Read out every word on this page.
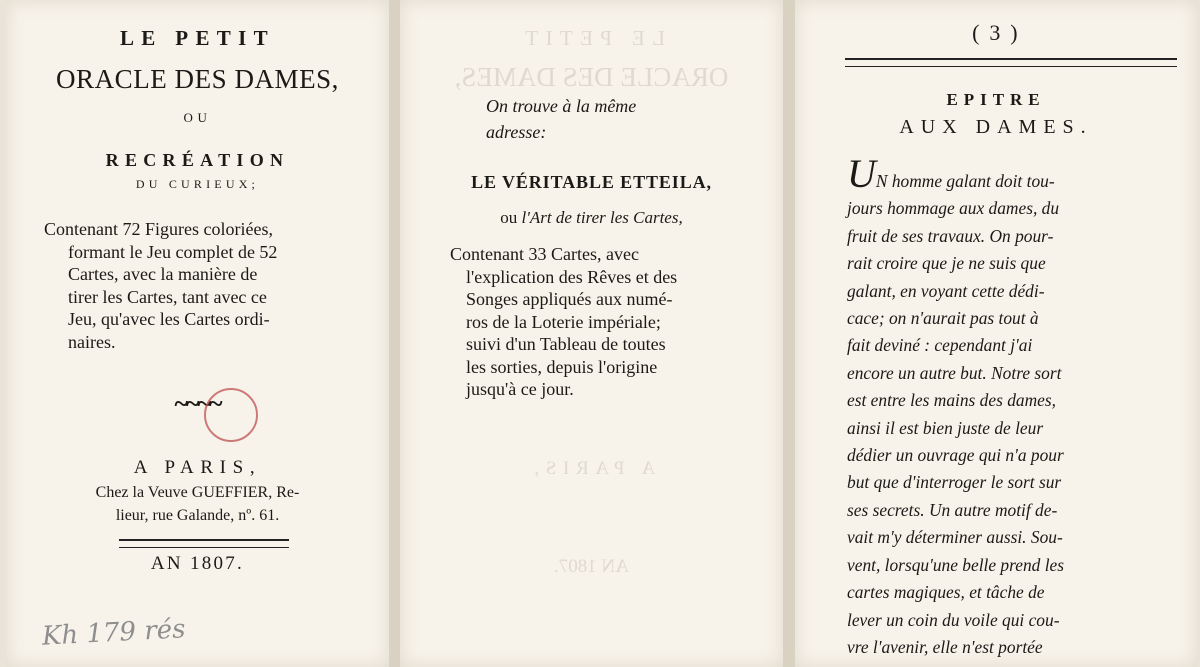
LE PETIT
ORACLE DES DAMES,
OU
RECRÉATION
DU CURIEUX;
Contenant 72 Figures coloriées,
formant le Jeu complet de 52
Cartes, avec la manière de
tirer les Cartes, tant avec ce
Jeu, qu'avec les Cartes ordi-
naires.
~~~~	​
A PARIS,
Chez la Veuve GUEFFIER, Re-
lieur, rue Galande, nº. 61.
AN 1807.
Kh 179 rés
LE PETIT
ORACLE DES DAMES,
On trouve à la même
adresse:
LE VÉRITABLE ETTEILA,
ou l'Art de tirer les Cartes,
Contenant 33 Cartes, avec
l'explication des Rêves et des
Songes appliqués aux numé-
ros de la Loterie impériale;
suivi d'un Tableau de toutes
les sorties, depuis l'origine
jusqu'à ce jour.
A PARIS,
AN 1807.
( 3 )
EPITRE
AUX DAMES.
UN homme galant doit tou-
jours hommage aux dames, du
fruit de ses travaux. On pour-
rait croire que je ne suis que
galant, en voyant cette dédi-
cace; on n'aurait pas tout à
fait deviné : cependant j'ai
encore un autre but. Notre sort
est entre les mains des dames,
ainsi il est bien juste de leur
dédier un ouvrage qui n'a pour
but que d'interroger le sort sur
ses secrets. Un autre motif de-
vait m'y déterminer aussi. Sou-
vent, lorsqu'une belle prend les
cartes magiques, et tâche de
lever un coin du voile qui cou-
vre l'avenir, elle n'est portée
